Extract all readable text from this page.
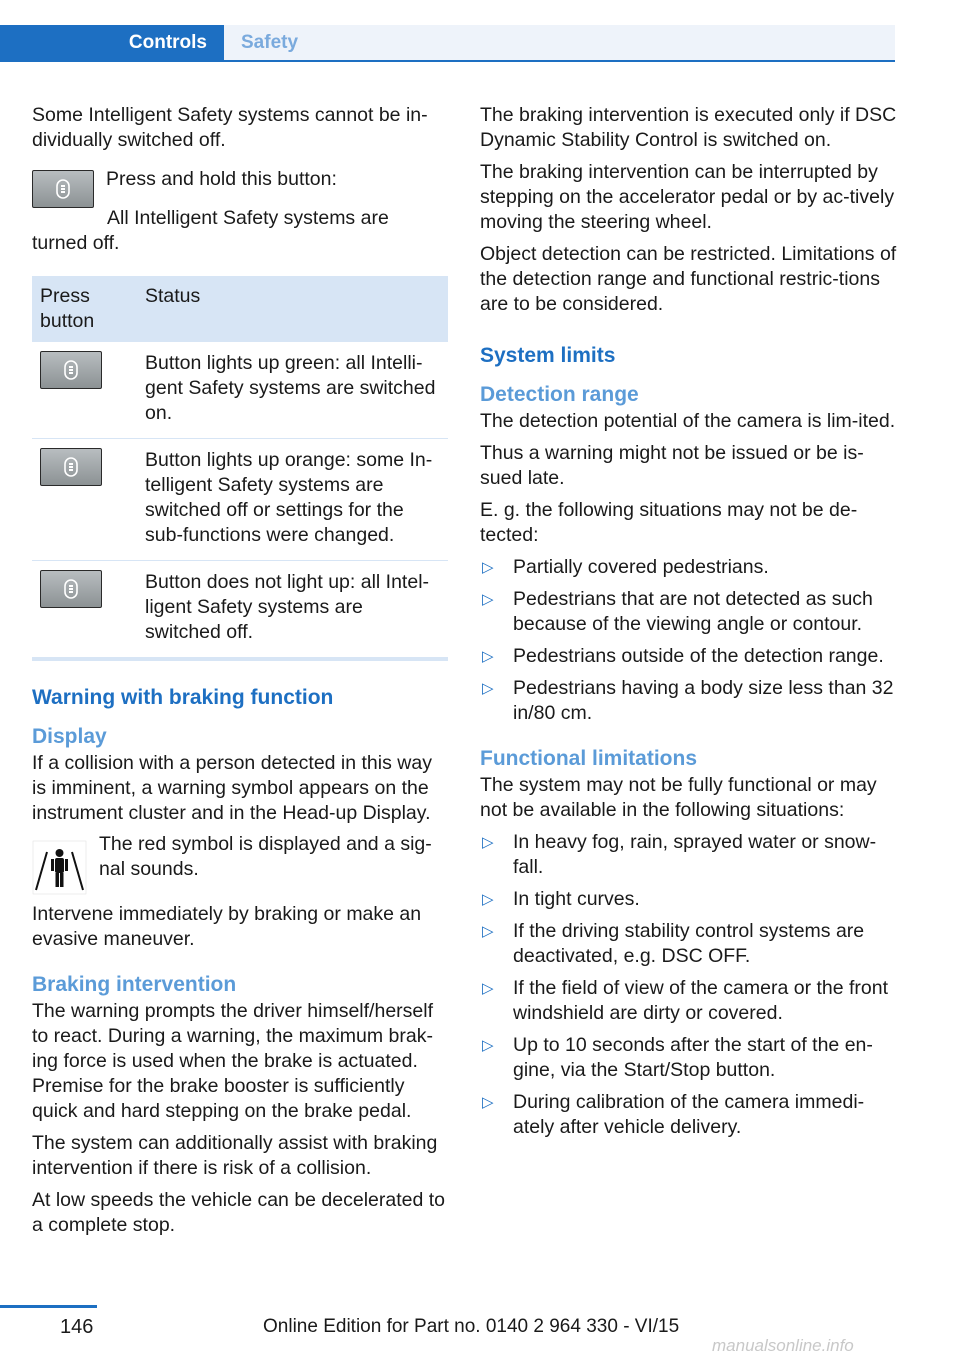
Controls	Safety

Some Intelligent Safety systems cannot be in-dividually switched off.

Press and hold this button:

All Intelligent Safety systems are turned off.

Press button
Status
Button lights up green: all Intelli-gent Safety systems are switched on.
Button lights up orange: some In-telligent Safety systems are switched off or settings for the sub-functions were changed.
Button does not light up: all Intel-ligent Safety systems are switched off.
Warning with braking function
Display

If a collision with a person detected in this way is imminent, a warning symbol appears on the instrument cluster and in the Head-up Display.

The red symbol is displayed and a sig-nal sounds.

Intervene immediately by braking or make an evasive maneuver.

Braking intervention

The warning prompts the driver himself/herself to react. During a warning, the maximum brak-ing force is used when the brake is actuated. Premise for the brake booster is sufficiently quick and hard stepping on the brake pedal.

The system can additionally assist with braking intervention if there is risk of a collision.

At low speeds the vehicle can be decelerated to a complete stop.

The braking intervention is executed only if DSC Dynamic Stability Control is switched on.

The braking intervention can be interrupted by stepping on the accelerator pedal or by ac-tively moving the steering wheel.

Object detection can be restricted. Limitations of the detection range and functional restric-tions are to be considered.

System limits
Detection range

The detection potential of the camera is lim-ited.

Thus a warning might not be issued or be is-sued late.

E. g. the following situations may not be de-tected:

▷ Partially covered pedestrians.
▷ Pedestrians that are not detected as such because of the viewing angle or contour.
▷ Pedestrians outside of the detection range.
▷ Pedestrians having a body size less than 32 in/80 cm.
Functional limitations

The system may not be fully functional or may not be available in the following situations:

▷ In heavy fog, rain, sprayed water or snow-fall.
▷ In tight curves.
▷ If the driving stability control systems are deactivated, e.g. DSC OFF.
▷ If the field of view of the camera or the front windshield are dirty or covered.
▷ Up to 10 seconds after the start of the en-gine, via the Start/Stop button.
▷ During calibration of the camera immedi-ately after vehicle delivery.
146	Online Edition for Part no. 0140 2 964 330 - VI/15
manualsonline.info
